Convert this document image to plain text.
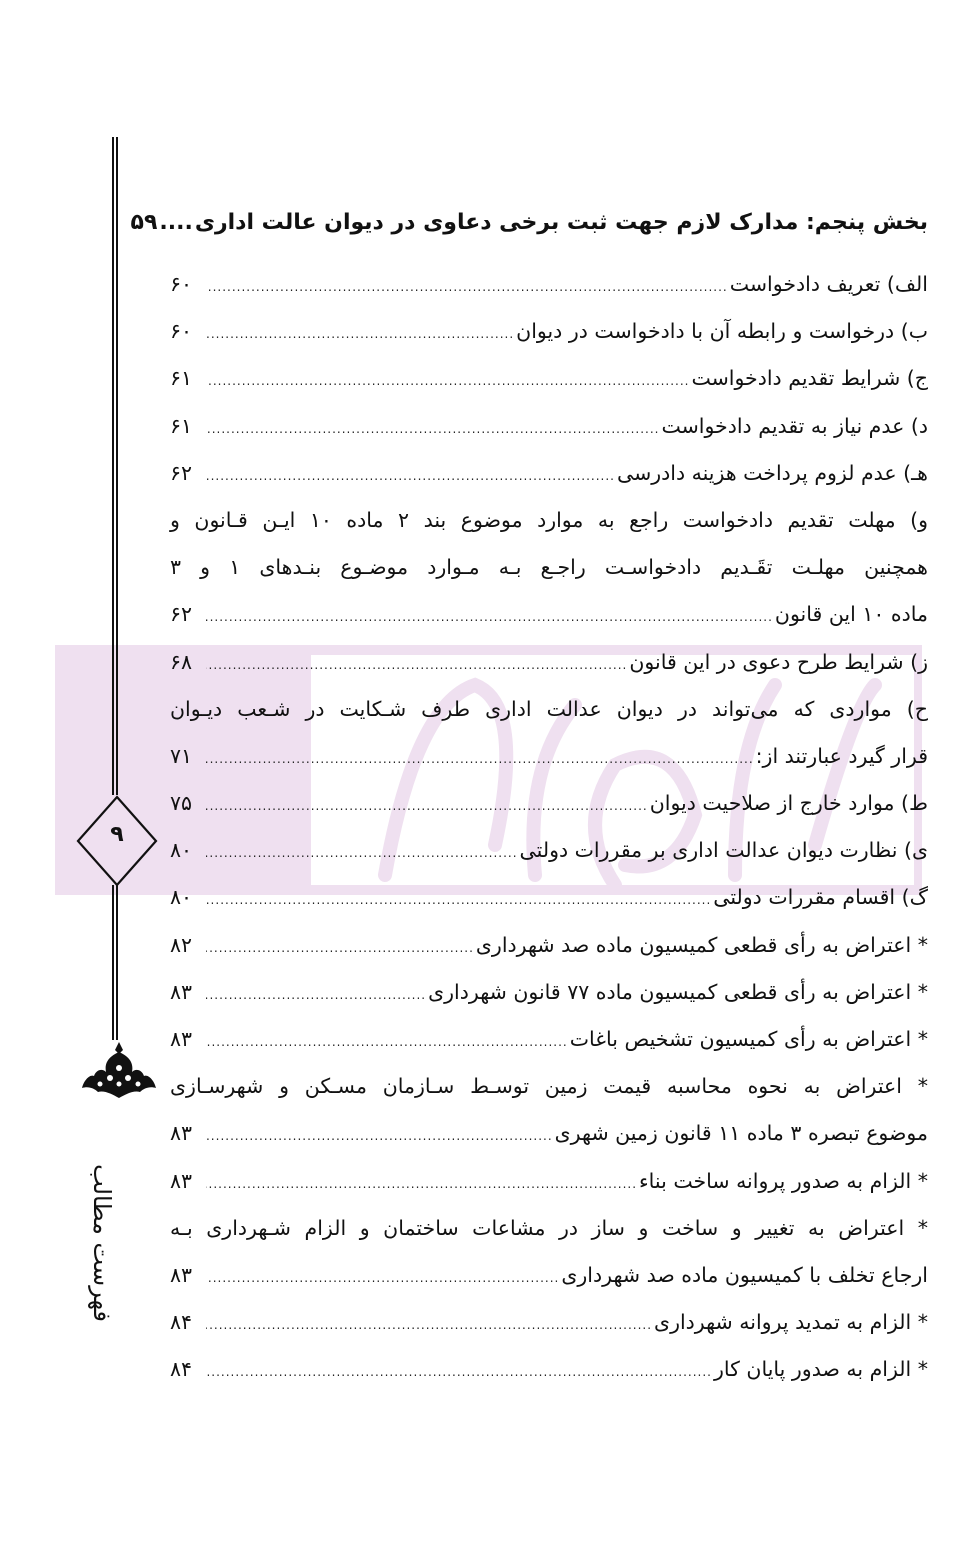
۹
فهرست مطالب
بخش پنجم: مدارک لازم جهت ثبت برخی دعاوی در دیوان عالت اداری
....
۵۹
الف) تعریف دادخواست
.....
۶۰
ب) درخواست و رابطه آن با دادخواست در دیوان
.....
۶۰
ج) شرایط تقدیم دادخواست
.....
۶۱
د) عدم نیاز به تقدیم دادخواست
.....
۶۱
هـ) عدم لزوم پرداخت هزینه دادرسی
.....
۶۲
و) مهلت تقدیم دادخواست راجع به موارد موضوع بند ۲ ماده ۱۰ ایـن قـانون و
همچنین مهلـت تقَـدیم دادخواسـت راجـع بـه مـوارد موضـوع بنـدهای ۱ و ۳
ماده ۱۰ این قانون
.....
۶۲
ز) شرایط طرح دعوی در این قانون
.....
۶۸
ح) مواردی که می‌تواند در دیوان عدالت اداری طرف شـکایت در شـعب دیـوان
قرار گیرد عبارتند از:
.....
۷۱
ط) موارد خارج از صلاحیت دیوان
.....
۷۵
ی) نظارت دیوان عدالت اداری بر مقررات دولتی
.....
۸۰
گ) اقسام مقررات دولتی
.....
۸۰
* اعتراض به رأی قطعی کمیسیون ماده صد شهرداری
.....
۸۲
* اعتراض به رأی قطعی کمیسیون ماده ۷۷ قانون شهرداری
.....
۸۳
* اعتراض به رأی کمیسیون تشخیص باغات
.....
۸۳
* اعتراض به نحوه محاسبه قیمت زمین توسـط سـازمان مسـکن و شهرسـازی
موضوع تبصره ۳ ماده ۱۱ قانون زمین شهری
.....
۸۳
* الزام به صدور پروانه ساخت بناء
.....
۸۳
* اعتراض به تغییر و ساخت و ساز در مشاعات ساختمان و الزام شـهرداری بـه
ارجاع تخلف با کمیسیون ماده صد شهرداری
.....
۸۳
* الزام به تمدید پروانه شهرداری
.....
۸۴
* الزام به صدور پایان کار
.....
۸۴
